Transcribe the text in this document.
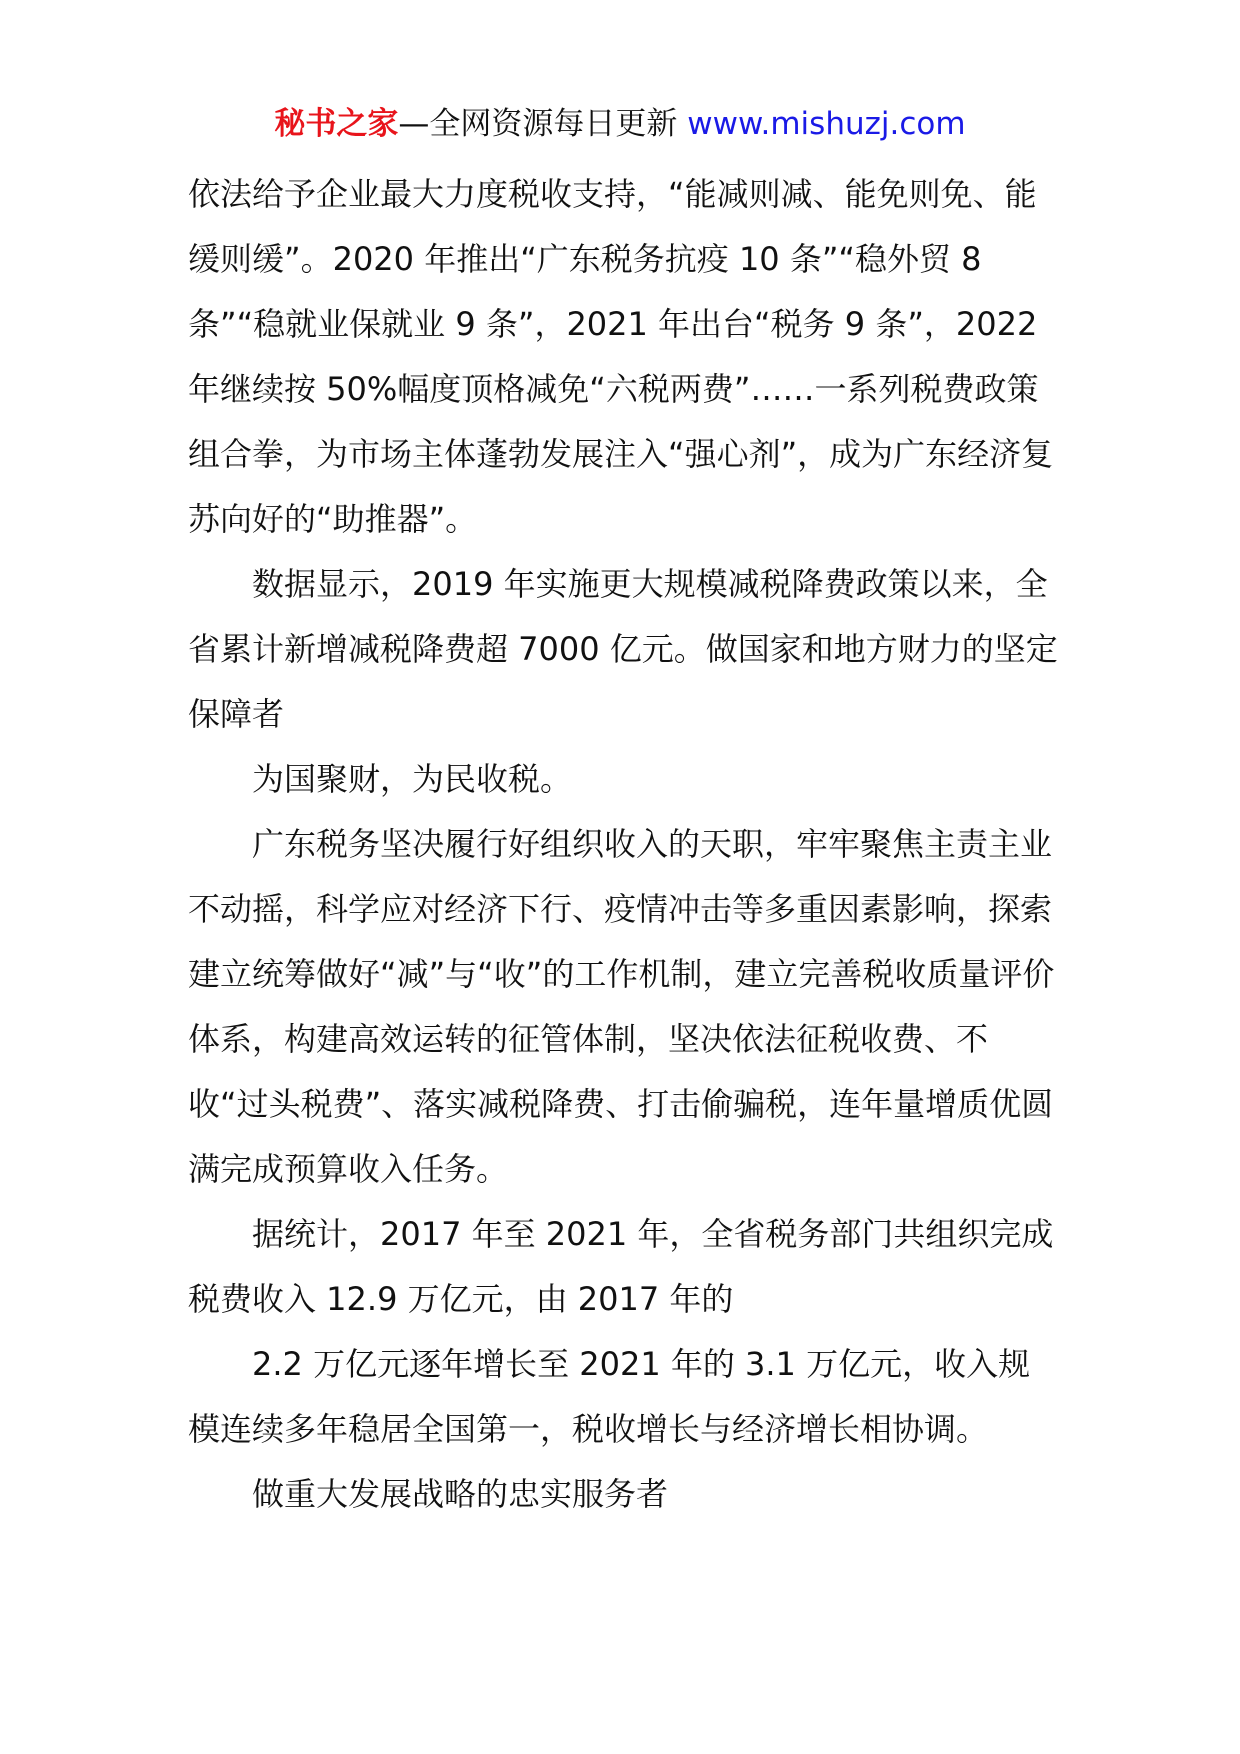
秘书之家—全网资源每日更新 www.mishuzj.com

依法给予企业最大力度税收支持，“能减则减、能免则免、能缓则缓”。2020 年推出“广东税务抗疫 10 条”“稳外贸 8 条”“稳就业保就业 9 条”，2021 年出台“税务 9 条”，2022 年继续按 50%幅度顶格减免“六税两费”……一系列税费政策组合拳，为市场主体蓬勃发展注入“强心剂”，成为广东经济复苏向好的“助推器”。

数据显示，2019 年实施更大规模减税降费政策以来，全省累计新增减税降费超 7000 亿元。做国家和地方财力的坚定保障者

为国聚财，为民收税。

广东税务坚决履行好组织收入的天职，牢牢聚焦主责主业不动摇，科学应对经济下行、疫情冲击等多重因素影响，探索建立统筹做好“减”与“收”的工作机制，建立完善税收质量评价体系，构建高效运转的征管体制，坚决依法征税收费、不收“过头税费”、落实减税降费、打击偷骗税，连年量增质优圆满完成预算收入任务。

据统计，2017 年至 2021 年，全省税务部门共组织完成税费收入 12.9 万亿元，由 2017 年的

2.2 万亿元逐年增长至 2021 年的 3.1 万亿元，收入规模连续多年稳居全国第一，税收增长与经济增长相协调。

做重大发展战略的忠实服务者
